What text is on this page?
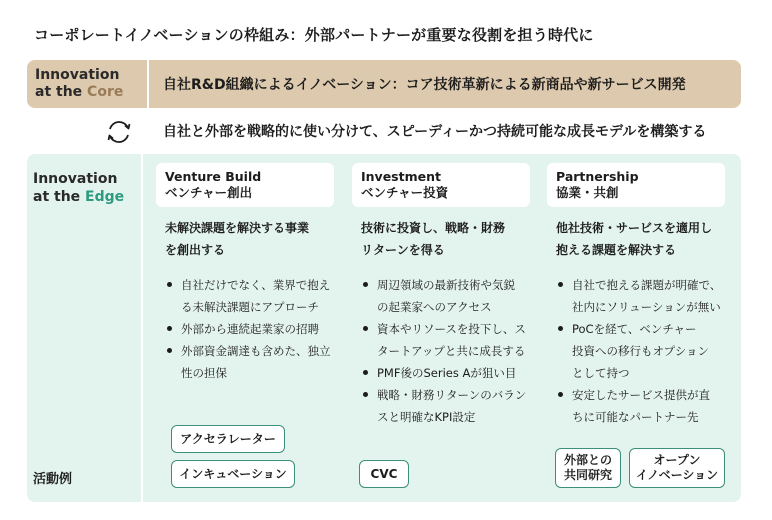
コーポレートイノベーションの枠組み：外部パートナーが重要な役割を担う時代に
Innovation
at the Core	自社R&D組織によるイノベーション：コア技術革新による新商品や新サービス開発
自社と外部を戦略的に使い分けて、スピーディーかつ持続可能な成長モデルを構築する
Innovation
at the Edge
活動例
Venture Build
ベンチャー創出
未解決課題を解決する事業
を創出する
自社だけでなく、業界で抱え
る未解決課題にアプローチ
外部から連続起業家の招聘
外部資金調達も含めた、独立
性の担保
アクセラレーター
インキュベーション
Investment
ベンチャー投資
技術に投資し、戦略・財務
リターンを得る
周辺領域の最新技術や気鋭
の起業家へのアクセス
資本やリソースを投下し、ス
タートアップと共に成長する
PMF後のSeries Aが狙い目
戦略・財務リターンのバラン
スと明確なKPI設定
CVC
Partnership
協業・共創
他社技術・サービスを適用し
抱える課題を解決する
自社で抱える課題が明確で、
社内にソリューションが無い
PoCを経て、ベンチャー
投資への移行もオプション
として持つ
安定したサービス提供が直
ちに可能なパートナー先
外部との
共同研究
オープン
イノベーション
